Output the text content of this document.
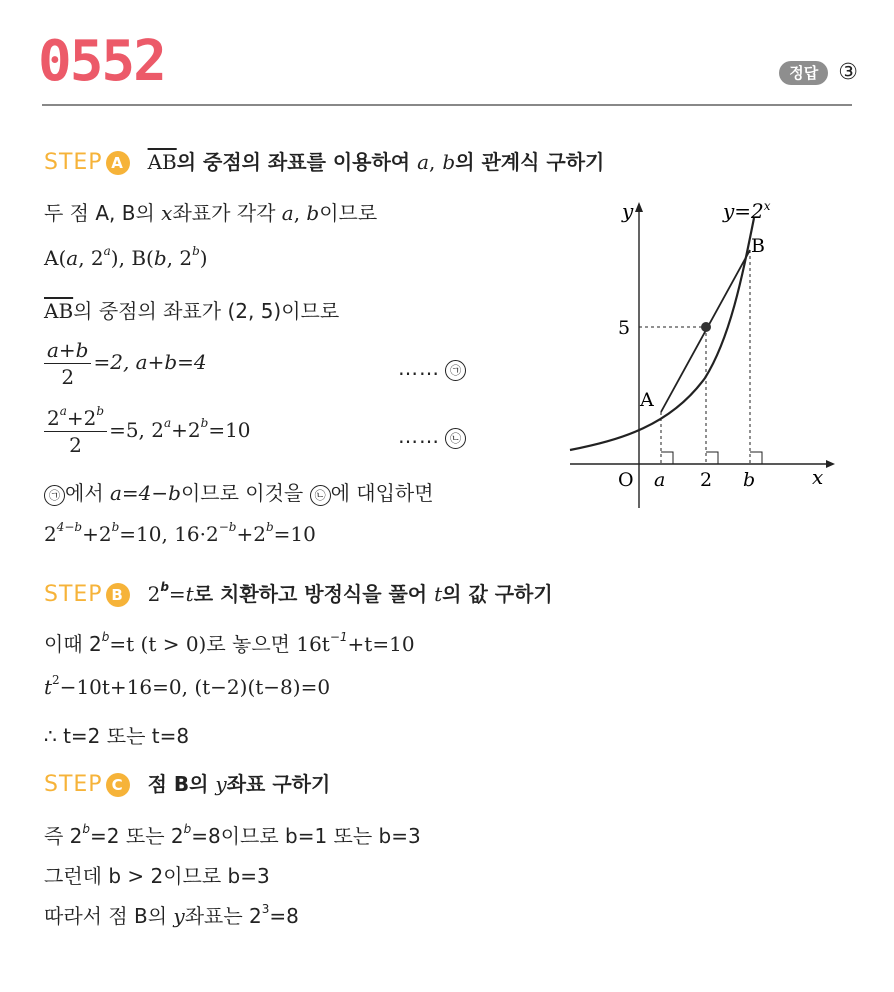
0552	정답 ③
STEP A $\overline{AB}$의 중점의 좌표를 이용하여 a, b의 관계식 구하기
두 점 A, B의 x좌표가 각각 a, b이므로
A(a, 2$^a$), B(b, 2$^b$)
$\overline{AB}$의 중점의 좌표가 (2, 5)이므로
$\frac{a+b}{2} =2$, a+b=4	…… ㉠
$\frac{2^a+2^b}{2} =5$, $2^a+2^b=10$	…… ㉡
㉠ 에서 a=4−b이므로 이것을 ㉡ 에 대입하면
$2^{4-b}+2^b=10$, $16\cdot 2^{-b}+2^b=10$
STEP B $2^b=t$로 치환하고 방정식을 풀어 t의 값 구하기
이때 $2^b=t$ (t > 0)로 놓으면 $16t^{-1}+t=10$
$t^2-10t+16=0$, (t−2)(t−8)=0
∴ t=2 또는 t=8
STEP C	점 B의 y좌표 구하기
즉 $2^b=2$ 또는 $2^b=8$이므로 b=1 또는 b=3
그런데 b > 2이므로 b=3
따라서 점 B의 y좌표는 $2^3=8$
y
x
O a 2 b
5
A
B
$y=2^x$
